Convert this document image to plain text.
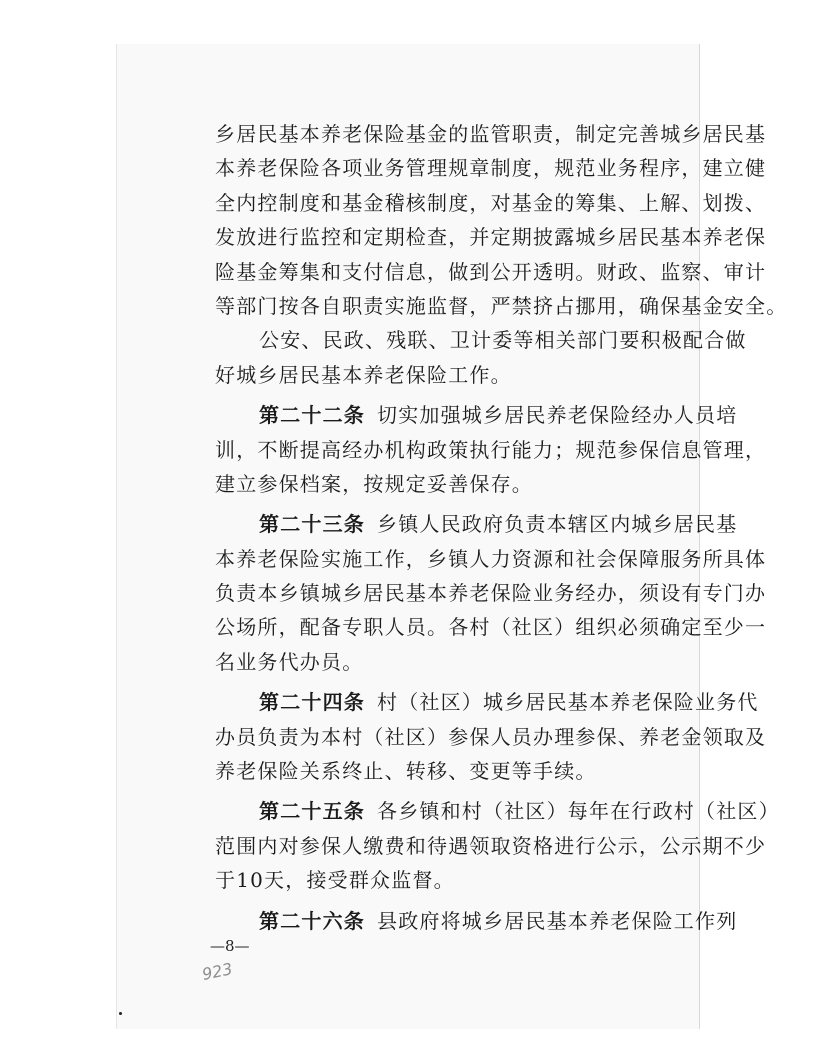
乡居民基本养老保险基金的监管职责，制定完善城乡居民基
本养老保险各项业务管理规章制度，规范业务程序，建立健
全内控制度和基金稽核制度，对基金的筹集、上解、划拨、
发放进行监控和定期检查，并定期披露城乡居民基本养老保
险基金筹集和支付信息，做到公开透明。财政、监察、审计
等部门按各自职责实施监督，严禁挤占挪用，确保基金安全。
公安、民政、残联、卫计委等相关部门要积极配合做
好城乡居民基本养老保险工作。
第二十二条 切实加强城乡居民养老保险经办人员培
训，不断提高经办机构政策执行能力；规范参保信息管理，
建立参保档案，按规定妥善保存。
第二十三条 乡镇人民政府负责本辖区内城乡居民基
本养老保险实施工作，乡镇人力资源和社会保障服务所具体
负责本乡镇城乡居民基本养老保险业务经办，须设有专门办
公场所，配备专职人员。各村（社区）组织必须确定至少一
名业务代办员。
第二十四条 村（社区）城乡居民基本养老保险业务代
办员负责为本村（社区）参保人员办理参保、养老金领取及
养老保险关系终止、转移、变更等手续。
第二十五条 各乡镇和村（社区）每年在行政村（社区）
范围内对参保人缴费和待遇领取资格进行公示，公示期不少
于10天，接受群众监督。
第二十六条 县政府将城乡居民基本养老保险工作列
—8—
923
